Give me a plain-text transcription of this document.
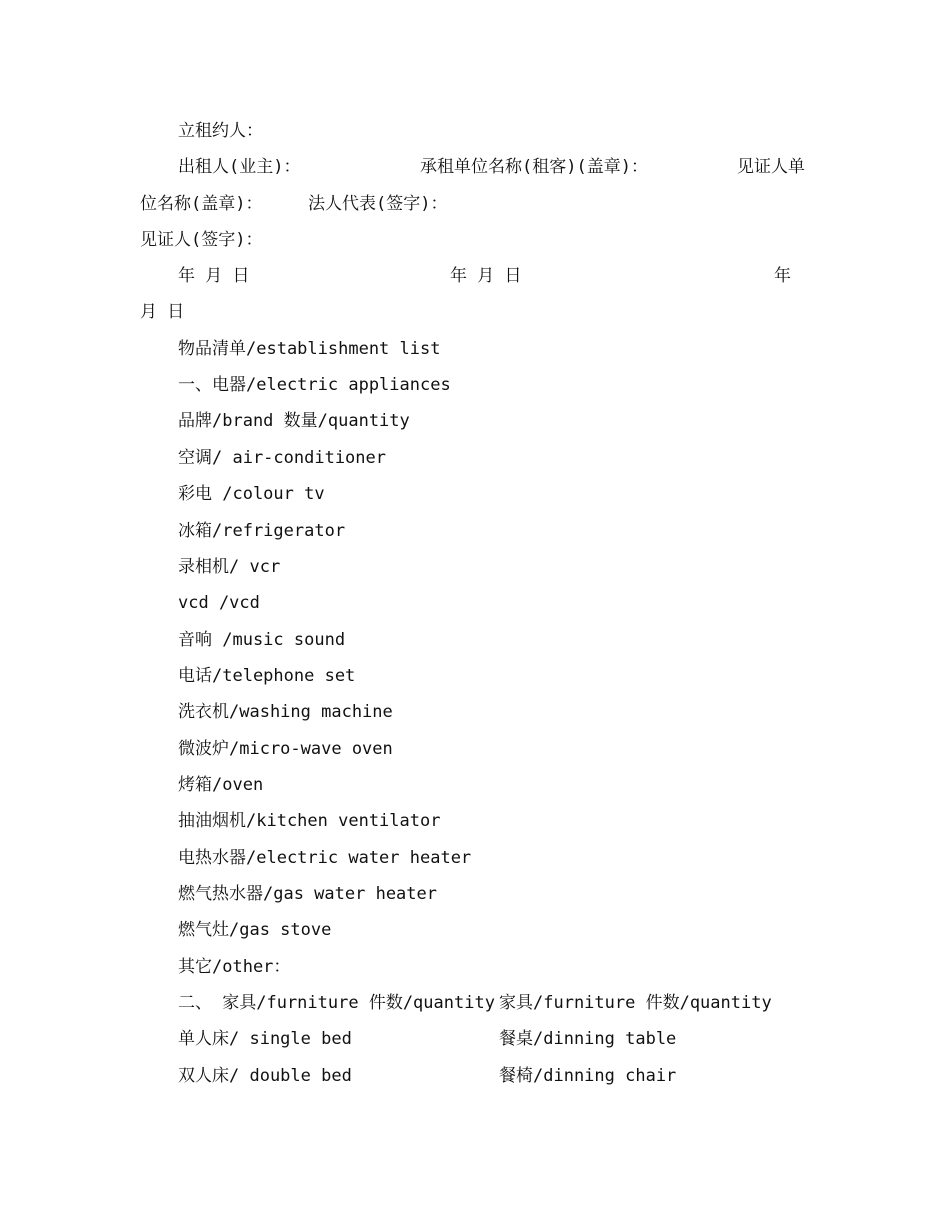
立租约人：
出租人(业主)：	承租单位名称(租客)(盖章)：	见证人单
位名称(盖章)：	法人代表(签字)：
见证人(签字)：
年 月 日	年 月 日	年
月 日
物品清单/establishment list
一、电器/electric appliances
品牌/brand 数量/quantity
空调/ air-conditioner
彩电 /colour tv
冰箱/refrigerator
录相机/ vcr
vcd /vcd
音响 /music sound
电话/telephone set
洗衣机/washing machine
微波炉/micro-wave oven
烤箱/oven
抽油烟机/kitchen ventilator
电热水器/electric water heater
燃气热水器/gas water heater
燃气灶/gas stove
其它/other：
二、 家具/furniture 件数/quantity 家具/furniture 件数/quantity
单人床/ single bed	餐桌/dinning table
双人床/ double bed	餐椅/dinning chair
